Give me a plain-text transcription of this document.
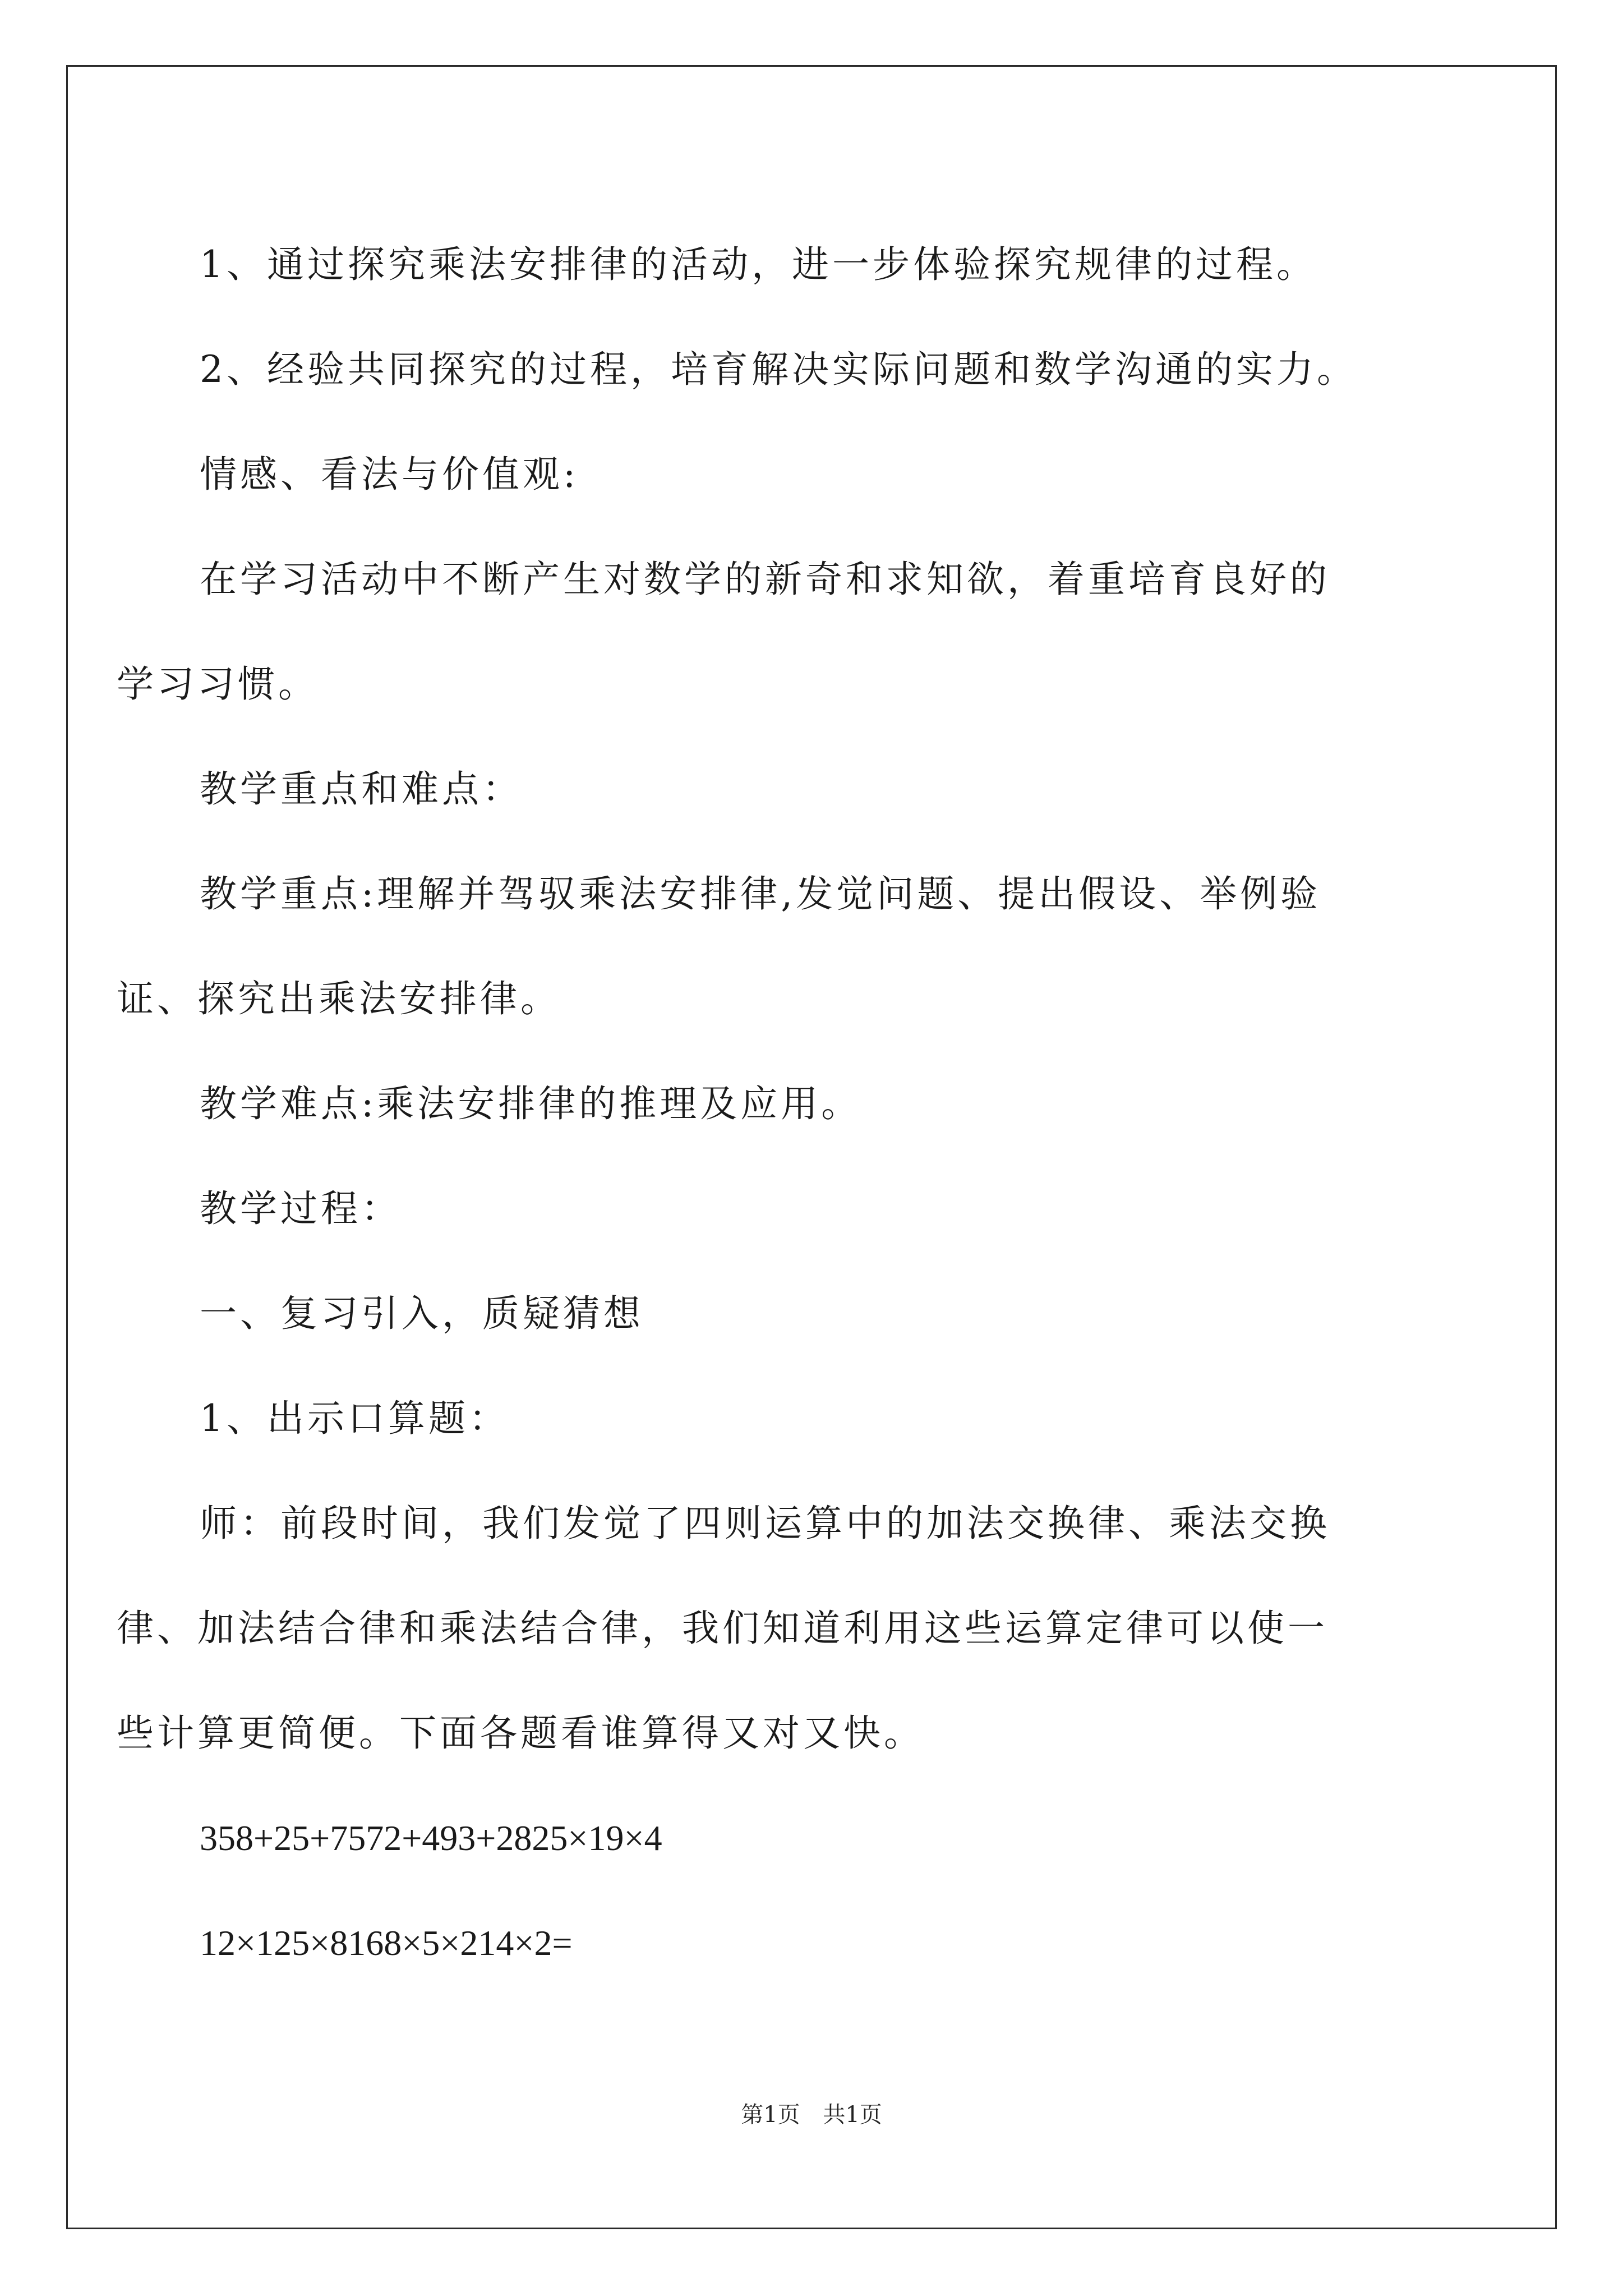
1、通过探究乘法安排律的活动，进一步体验探究规律的过程。

2、经验共同探究的过程，培育解决实际问题和数学沟通的实力。

情感、看法与价值观:

在学习活动中不断产生对数学的新奇和求知欲，着重培育良好的

学习习惯。

教学重点和难点：

教学重点:理解并驾驭乘法安排律,发觉问题、提出假设、举例验

证、探究出乘法安排律。

教学难点:乘法安排律的推理及应用。

教学过程：

一、复习引入，质疑猜想

1、出示口算题：

师：前段时间，我们发觉了四则运算中的加法交换律、乘法交换

律、加法结合律和乘法结合律，我们知道利用这些运算定律可以使一

些计算更简便。下面各题看谁算得又对又快。

358+25+7572+493+2825×19×4

12×125×8168×5×214×2=

第1页 共1页
